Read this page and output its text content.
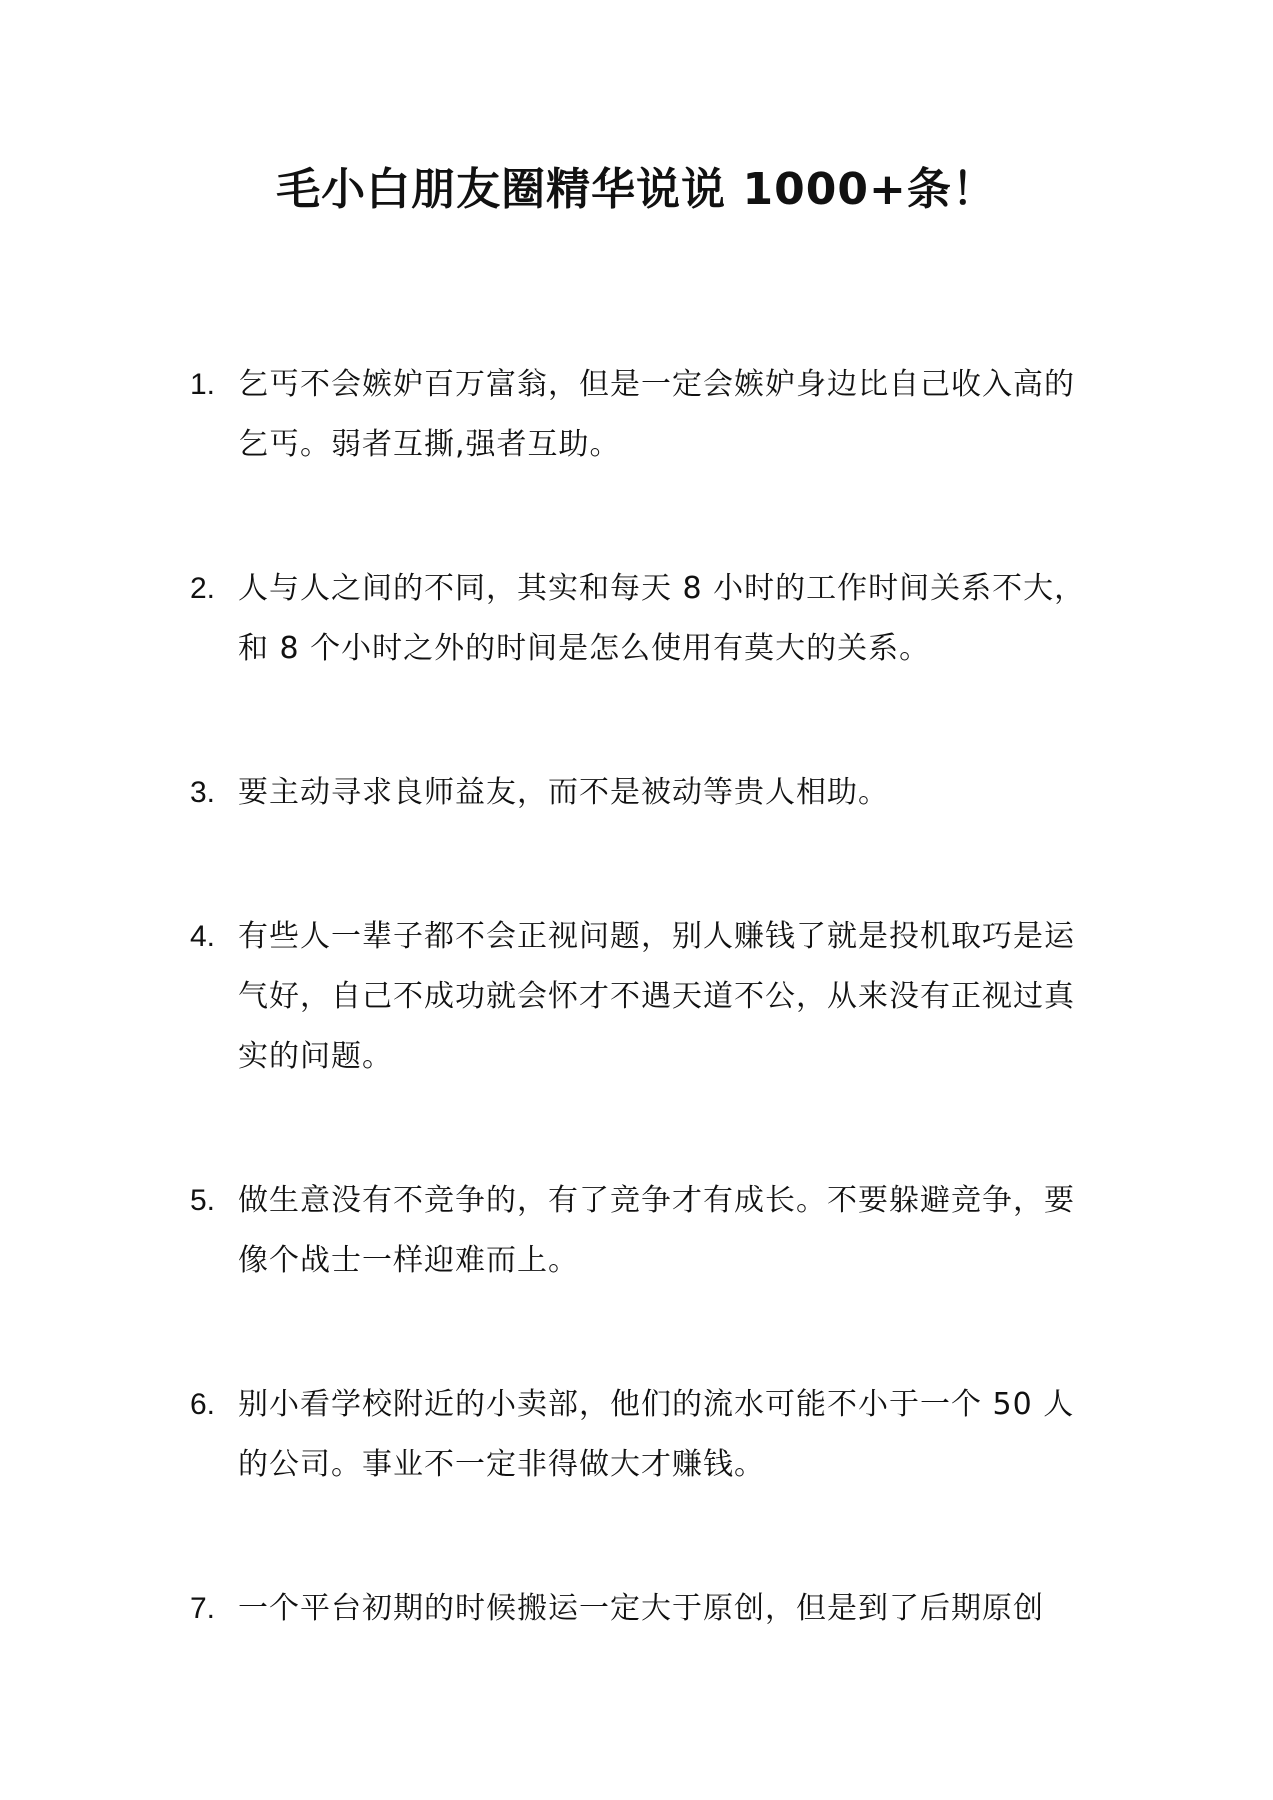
毛小白朋友圈精华说说 1000+条！
1. 乞丐不会嫉妒百万富翁，但是一定会嫉妒身边比自己收入高的乞丐。弱者互撕,强者互助。
2. 人与人之间的不同，其实和每天 8 小时的工作时间关系不大，和 8 个小时之外的时间是怎么使用有莫大的关系。
3. 要主动寻求良师益友，而不是被动等贵人相助。
4. 有些人一辈子都不会正视问题，别人赚钱了就是投机取巧是运气好，自己不成功就会怀才不遇天道不公，从来没有正视过真实的问题。
5. 做生意没有不竞争的，有了竞争才有成长。不要躲避竞争，要像个战士一样迎难而上。
6. 别小看学校附近的小卖部，他们的流水可能不小于一个 50 人的公司。事业不一定非得做大才赚钱。
7. 一个平台初期的时候搬运一定大于原创，但是到了后期原创
